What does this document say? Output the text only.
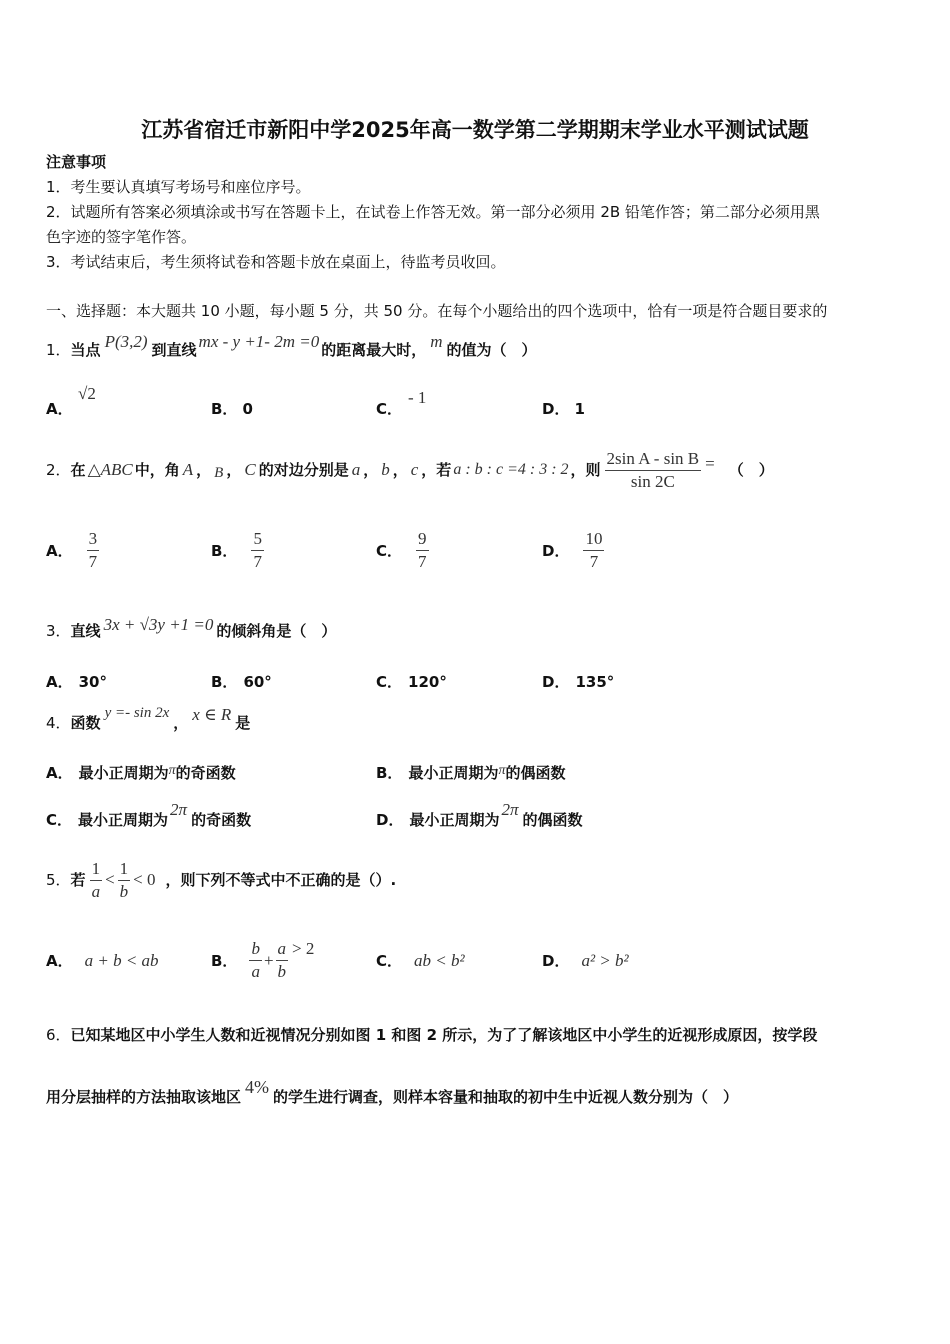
江苏省宿迁市新阳中学2025年高一数学第二学期期末学业水平测试试题
注意事项
1．考生要认真填写考场号和座位序号。
2．试题所有答案必须填涂或书写在答题卡上，在试卷上作答无效。第一部分必须用 2B 铅笔作答；第二部分必须用黑
色字迹的签字笔作答。
3．考试结束后，考生须将试卷和答题卡放在桌面上，待监考员收回。
一、选择题：本大题共 10 小题，每小题 5 分，共 50 分。在每个小题给出的四个选项中，恰有一项是符合题目要求的
1． 当点 P(3,2) 到直线 mx - y +1- 2m =0 的距离最大时， m 的值为（　）
A．
√2
B． 0	C．
- 1
D． 1
2． 在 △ABC 中，角 A ， B ， C 的对边分别是 a ， b ， c ，若 a : b : c =4 : 3 : 2 ，则 $\frac{\text{2sin A - sin B}}{\sin 2C}$ = （　）
A． $\frac{3}{7}$	B． $\frac{5}{7}$	C． $\frac{9}{7}$	D． $\frac{10}{7}$
3． 直线 3x + √3y +1 =0 的倾斜角是（　）
A． 30°	B． 60°	C． 120°	D． 135°
4． 函数
y =- sin 2x
， x ∈ R 是
A． 最小正周期为 π 的奇函数	B． 最小正周期为 π 的偶函数
C． 最小正周期为
2π
的奇函数	D． 最小正周期为
2π
的偶函数
5． 若 $\frac{1}{a} < \frac{1}{b} < 0$ ，则下列不等式中不正确的是（）.
A． a + b < ab	B． $\frac{b}{a} + \frac{a}{b} > 2$
C． ab < b²	D． a² > b²
6．已知某地区中小学生人数和近视情况分别如图 1 和图 2 所示，为了了解该地区中小学生的近视形成原因，按学段
用分层抽样的方法抽取该地区 4% 的学生进行调查，则样本容量和抽取的初中生中近视人数分别为（　）
